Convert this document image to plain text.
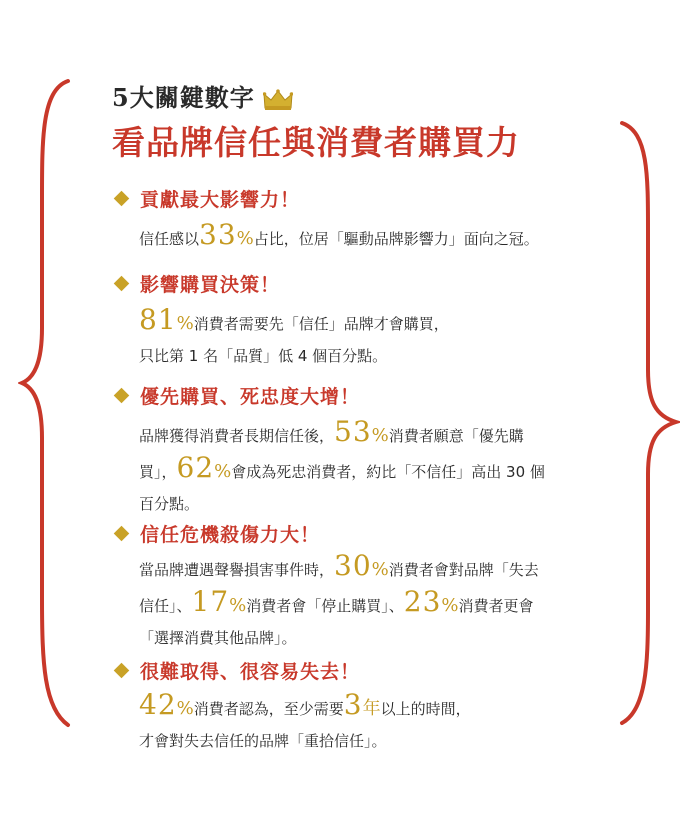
5大關鍵數字
看品牌信任與消費者購買力
貢獻最大影響力！
信任感以33%占比，位居「驅動品牌影響力」面向之冠。
影響購買決策！
81%消費者需要先「信任」品牌才會購買，
只比第 1 名「品質」低 4 個百分點。
優先購買、死忠度大增！
品牌獲得消費者長期信任後，53%消費者願意「優先購
買」，62%會成為死忠消費者，約比「不信任」高出 30 個
百分點。
信任危機殺傷力大！
當品牌遭遇聲譽損害事件時，30%消費者會對品牌「失去
信任」、17%消費者會「停止購買」、23%消費者更會
「選擇消費其他品牌」。
很難取得、很容易失去！
42%消費者認為，至少需要3年以上的時間，
才會對失去信任的品牌「重拾信任」。
